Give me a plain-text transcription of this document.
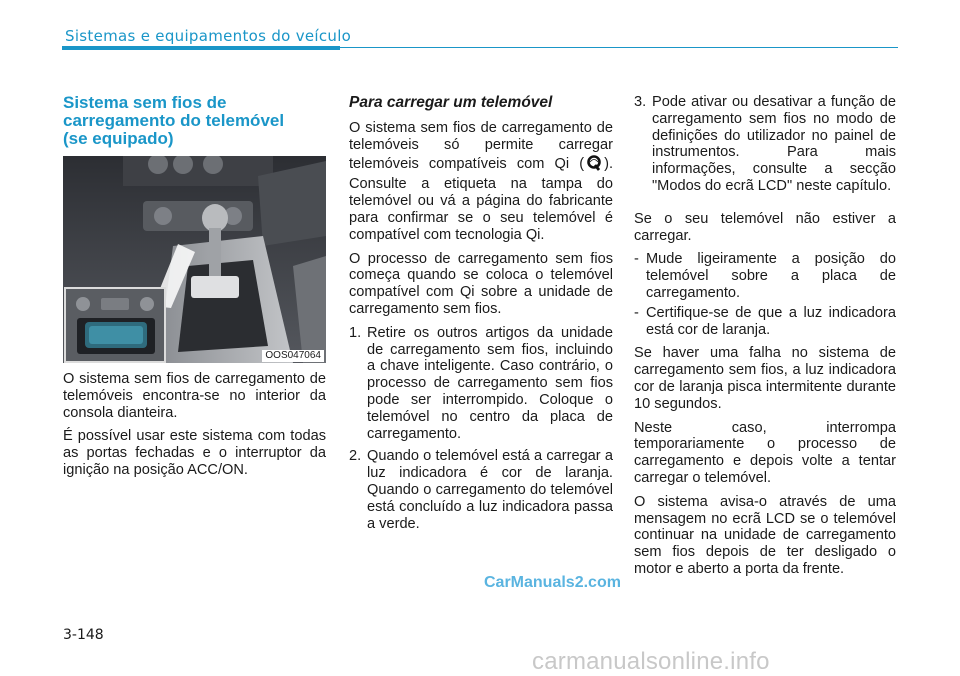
Sistemas e equipamentos do veículo
Sistema sem fios de
carregamento do telemóvel
(se equipado)
OOS047064

O sistema sem fios de carregamento de telemóveis encontra-se no interior da consola dianteira.

É possível usar este sistema com todas as portas fechadas e o interruptor da ignição na posição ACC/ON.

Para carregar um telemóvel

O sistema sem fios de carregamento de telemóveis só permite carregar telemóveis compatíveis com Qi ( ). Consulte a etiqueta na tampa do telemóvel ou vá a página do fabricante para confirmar se o seu telemóvel é compatível com tecnologia Qi.

O processo de carregamento sem fios começa quando se coloca o telemóvel compatível com Qi sobre a unidade de carregamento sem fios.

1. Retire os outros artigos da unidade de carregamento sem fios, incluindo a chave inteligente. Caso contrário, o processo de carregamento sem fios pode ser interrompido. Coloque o telemóvel no centro da placa de carregamento.
2. Quando o telemóvel está a carregar a luz indicadora é cor de laranja. Quando o carregamento do telemóvel está concluído a luz indicadora passa a verde.
3. Pode ativar ou desativar a função de carregamento sem fios no modo de definições do utilizador no painel de instrumentos. Para mais informações, consulte a secção "Modos do ecrã LCD" neste capítulo.

Se o seu telemóvel não estiver a carregar.

- Mude ligeiramente a posição do telemóvel sobre a placa de carregamento.
- Certifique-se de que a luz indicadora está cor de laranja.

Se haver uma falha no sistema de carregamento sem fios, a luz indicadora cor de laranja pisca intermitente durante 10 segundos.

Neste caso, interrompa temporariamente o processo de carregamento e depois volte a tentar carregar o telemóvel.

O sistema avisa-o através de uma mensagem no ecrã LCD se o telemóvel continuar na unidade de carregamento sem fios depois de ter desligado o motor e aberto a porta da frente.

CarManuals2.com
3-148
carmanualsonline.info
